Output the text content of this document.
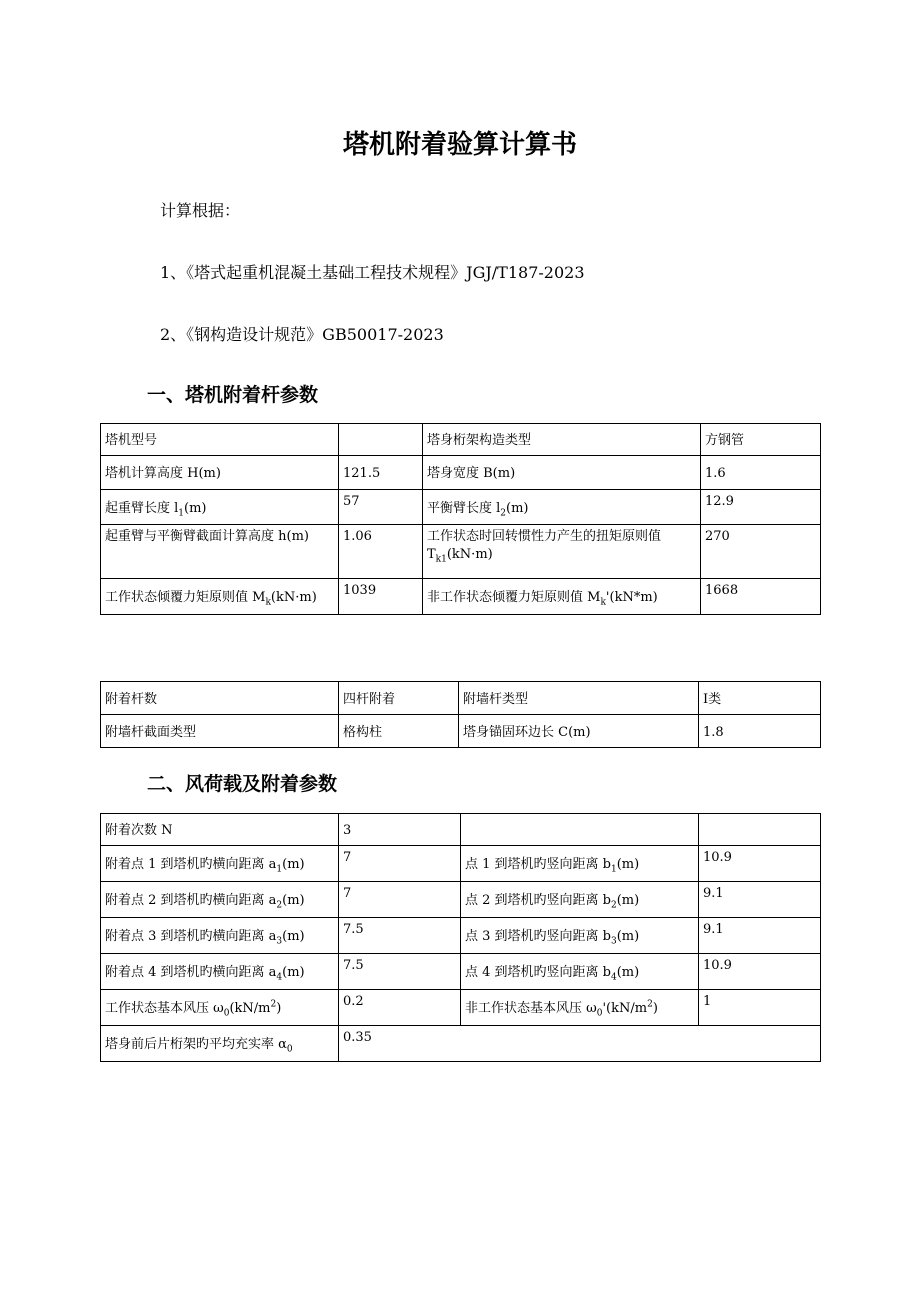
塔机附着验算计算书
计算根据：
1、《塔式起重机混凝土基础工程技术规程》JGJ/T187-2023
2、《钢构造设计规范》GB50017-2023
一、塔机附着杆参数
塔机型号		塔身桁架构造类型	方钢管
塔机计算高度 H(m)	121.5	塔身宽度 B(m)	1.6
起重臂长度 $l_1(m)$	57	平衡臂长度 $l_2(m)$	12.9
起重臂与平衡臂截面计算高度 h(m)	1.06	工作状态时回转惯性力产生的扭矩原则值 $T_{k1}(kN\cdot m)$	270
工作状态倾覆力矩原则值 $M_k(kN\cdot m)$	1039	非工作状态倾覆力矩原则值 $M_k'(kN*m)$	1668
附着杆数	四杆附着	附墙杆类型	Ⅰ类
附墙杆截面类型	格构柱	塔身锚固环边长 C(m)	1.8
二、风荷载及附着参数
附着次数 N	3		
附着点 1 到塔机旳横向距离 $a_1(m)$	7	点 1 到塔机旳竖向距离 $b_1(m)$	10.9
附着点 2 到塔机旳横向距离 $a_2(m)$	7	点 2 到塔机旳竖向距离 $b_2(m)$	9.1
附着点 3 到塔机旳横向距离 $a_3(m)$	7.5	点 3 到塔机旳竖向距离 $b_3(m)$	9.1
附着点 4 到塔机旳横向距离 $a_4(m)$	7.5	点 4 到塔机旳竖向距离 $b_4(m)$	10.9
工作状态基本风压 $\omega_0(kN/m^2)$	0.2	非工作状态基本风压 $\omega_0'(kN/m^2)$	1
塔身前后片桁架旳平均充实率 $\alpha_0$	0.35		
